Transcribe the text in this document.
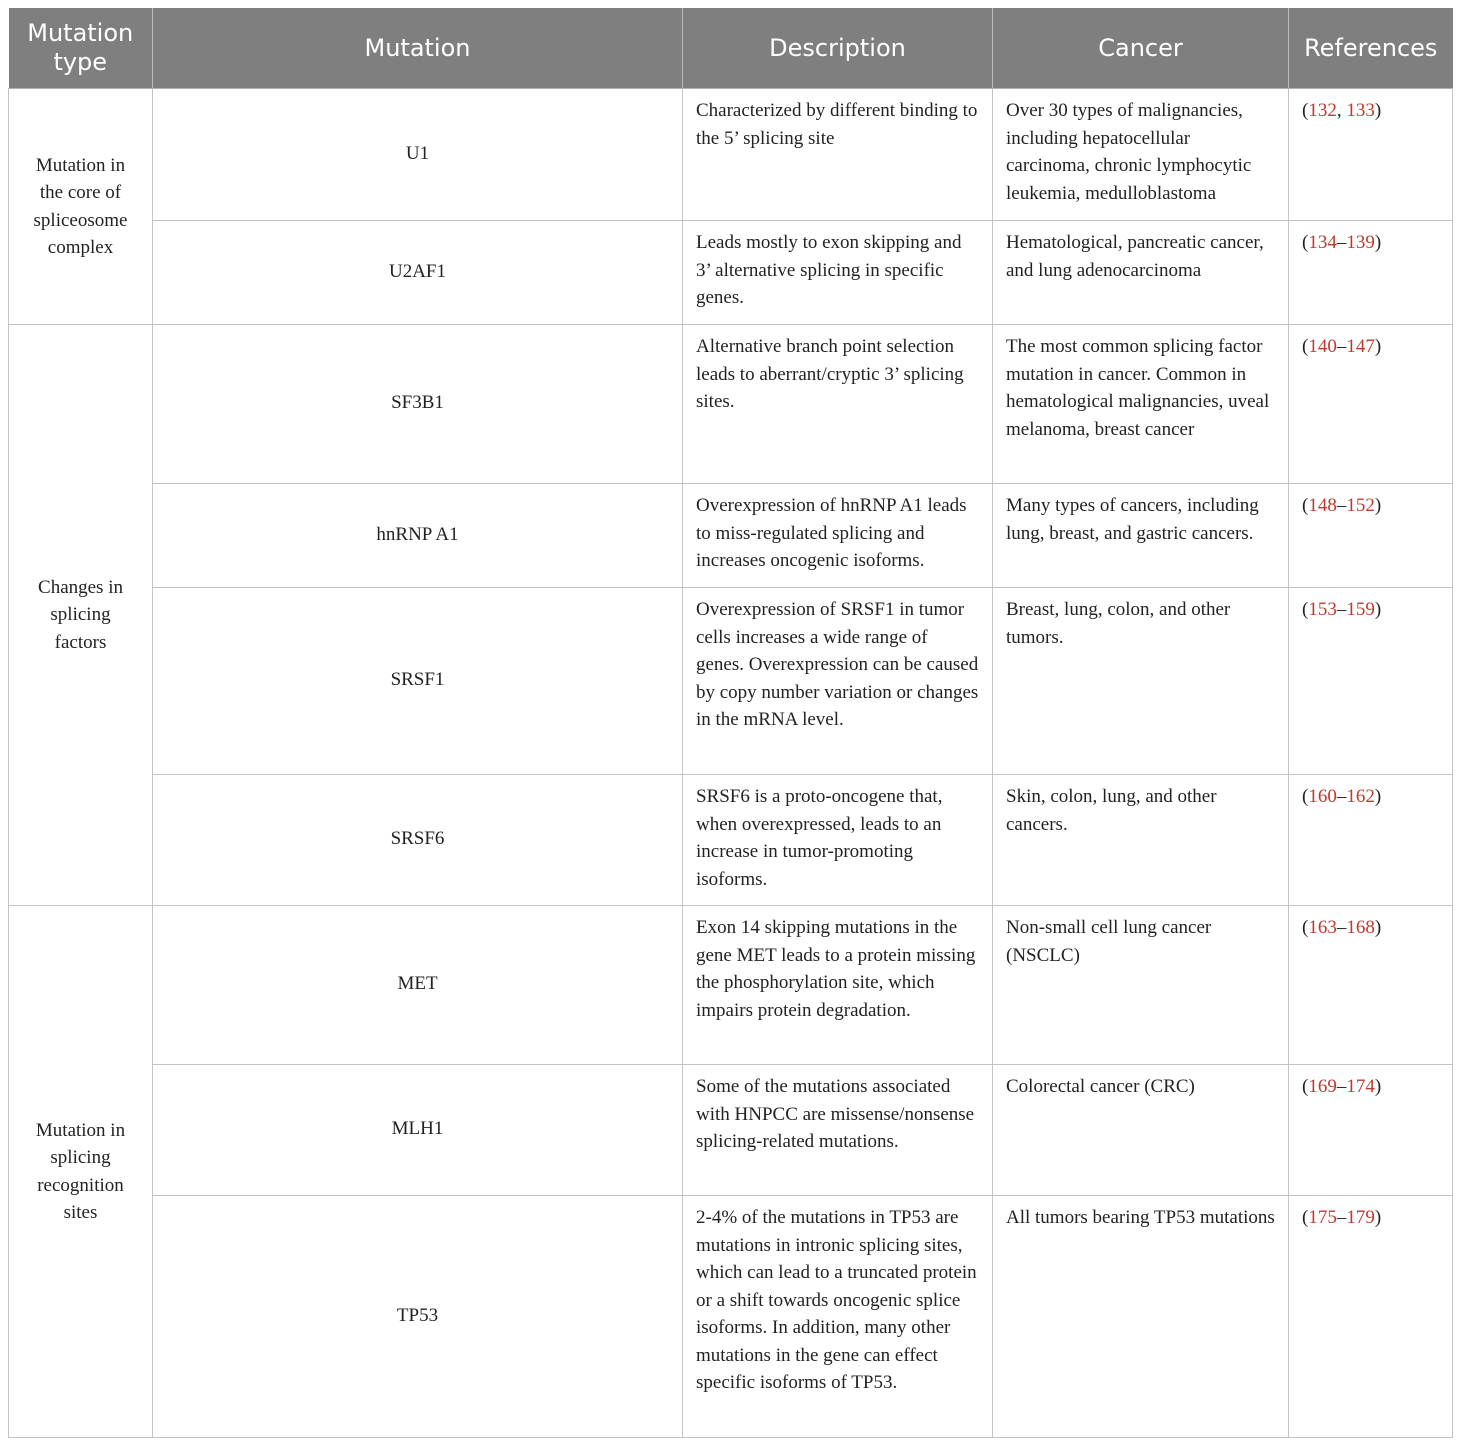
Mutation type	Mutation	Description	Cancer	References
Mutation in the core of spliceosome complex	U1	Characterized by different binding to the 5’ splicing site	Over 30 types of malignancies, including hepatocellular carcinoma, chronic lymphocytic leukemia, medulloblastoma	(132, 133)
	U2AF1	Leads mostly to exon skipping and 3’ alternative splicing in specific genes.	Hematological, pancreatic cancer, and lung adenocarcinoma	(134–139)
Changes in splicing factors	SF3B1	Alternative branch point selection leads to aberrant/cryptic 3’ splicing sites.	The most common splicing factor mutation in cancer. Common in hematological malignancies, uveal melanoma, breast cancer	(140–147)
	hnRNP A1	Overexpression of hnRNP A1 leads to miss-regulated splicing and increases oncogenic isoforms.	Many types of cancers, including lung, breast, and gastric cancers.	(148–152)
	SRSF1	Overexpression of SRSF1 in tumor cells increases a wide range of genes. Overexpression can be caused by copy number variation or changes in the mRNA level.	Breast, lung, colon, and other tumors.	(153–159)
	SRSF6	SRSF6 is a proto-oncogene that, when overexpressed, leads to an increase in tumor-promoting isoforms.	Skin, colon, lung, and other cancers.	(160–162)
Mutation in splicing recognition sites	MET	Exon 14 skipping mutations in the gene MET leads to a protein missing the phosphorylation site, which impairs protein degradation.	Non-small cell lung cancer (NSCLC)	(163–168)
	MLH1	Some of the mutations associated with HNPCC are missense/nonsense splicing-related mutations.	Colorectal cancer (CRC)	(169–174)
	TP53	2-4% of the mutations in TP53 are mutations in intronic splicing sites, which can lead to a truncated protein or a shift towards oncogenic splice isoforms. In addition, many other mutations in the gene can effect specific isoforms of TP53.	All tumors bearing TP53 mutations	(175–179)
